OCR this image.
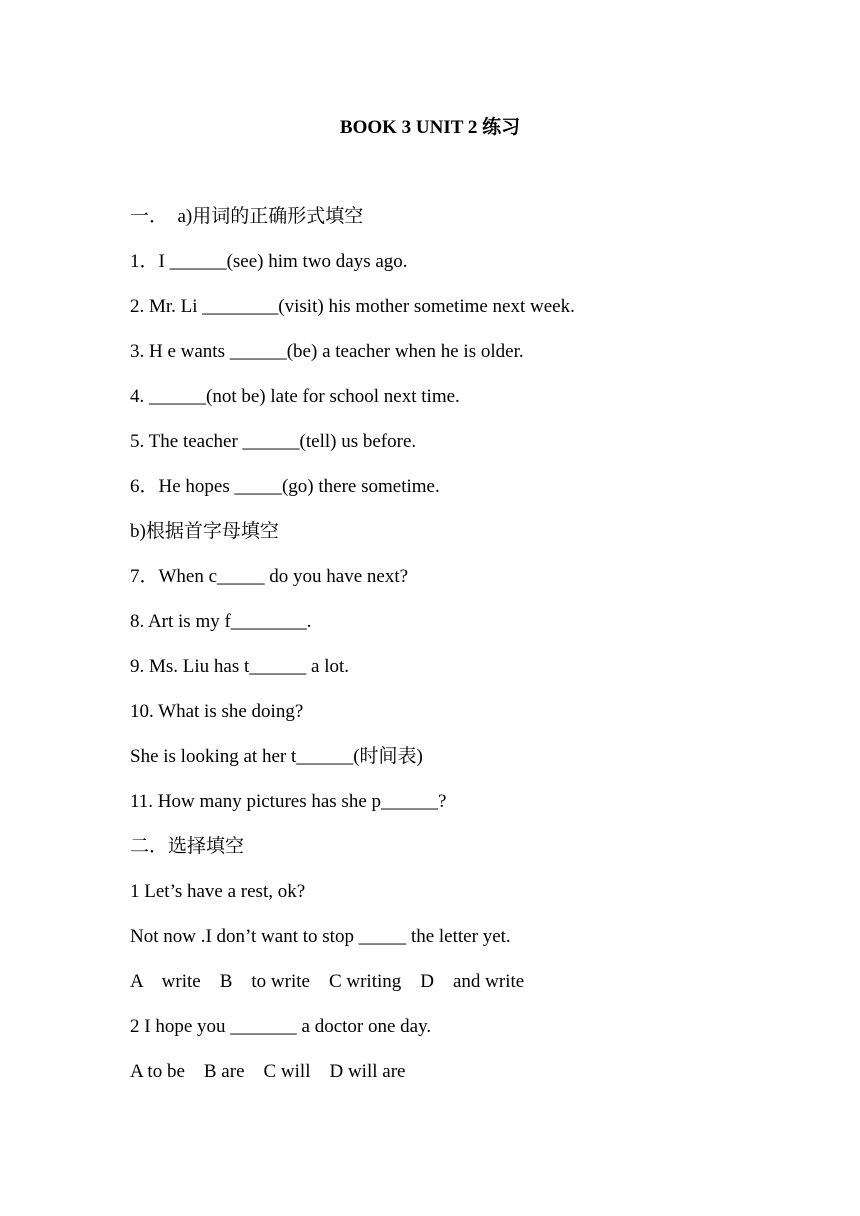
BOOK 3 UNIT 2 练习
一．  a)用词的正确形式填空
1．I ______(see) him two days ago.
2. Mr. Li ________(visit) his mother sometime next week.
3. H e wants ______(be) a teacher when he is older.
4. ______(not be) late for school next time.
5. The teacher ______(tell) us before.
6．He hopes _____(go) there sometime.
b)根据首字母填空
7．When c_____ do you have next?
8. Art is my f________.
9. Ms. Liu has t______ a lot.
10. What is she doing?
She is looking at her t______(时间表)
11. How many pictures has she p______?
二．选择填空
1 Let’s have a rest, ok?
Not now .I don’t want to stop _____ the letter yet.
A    write    B    to write    C writing    D    and write
2 I hope you _______ a doctor one day.
A to be    B are    C will    D will are
